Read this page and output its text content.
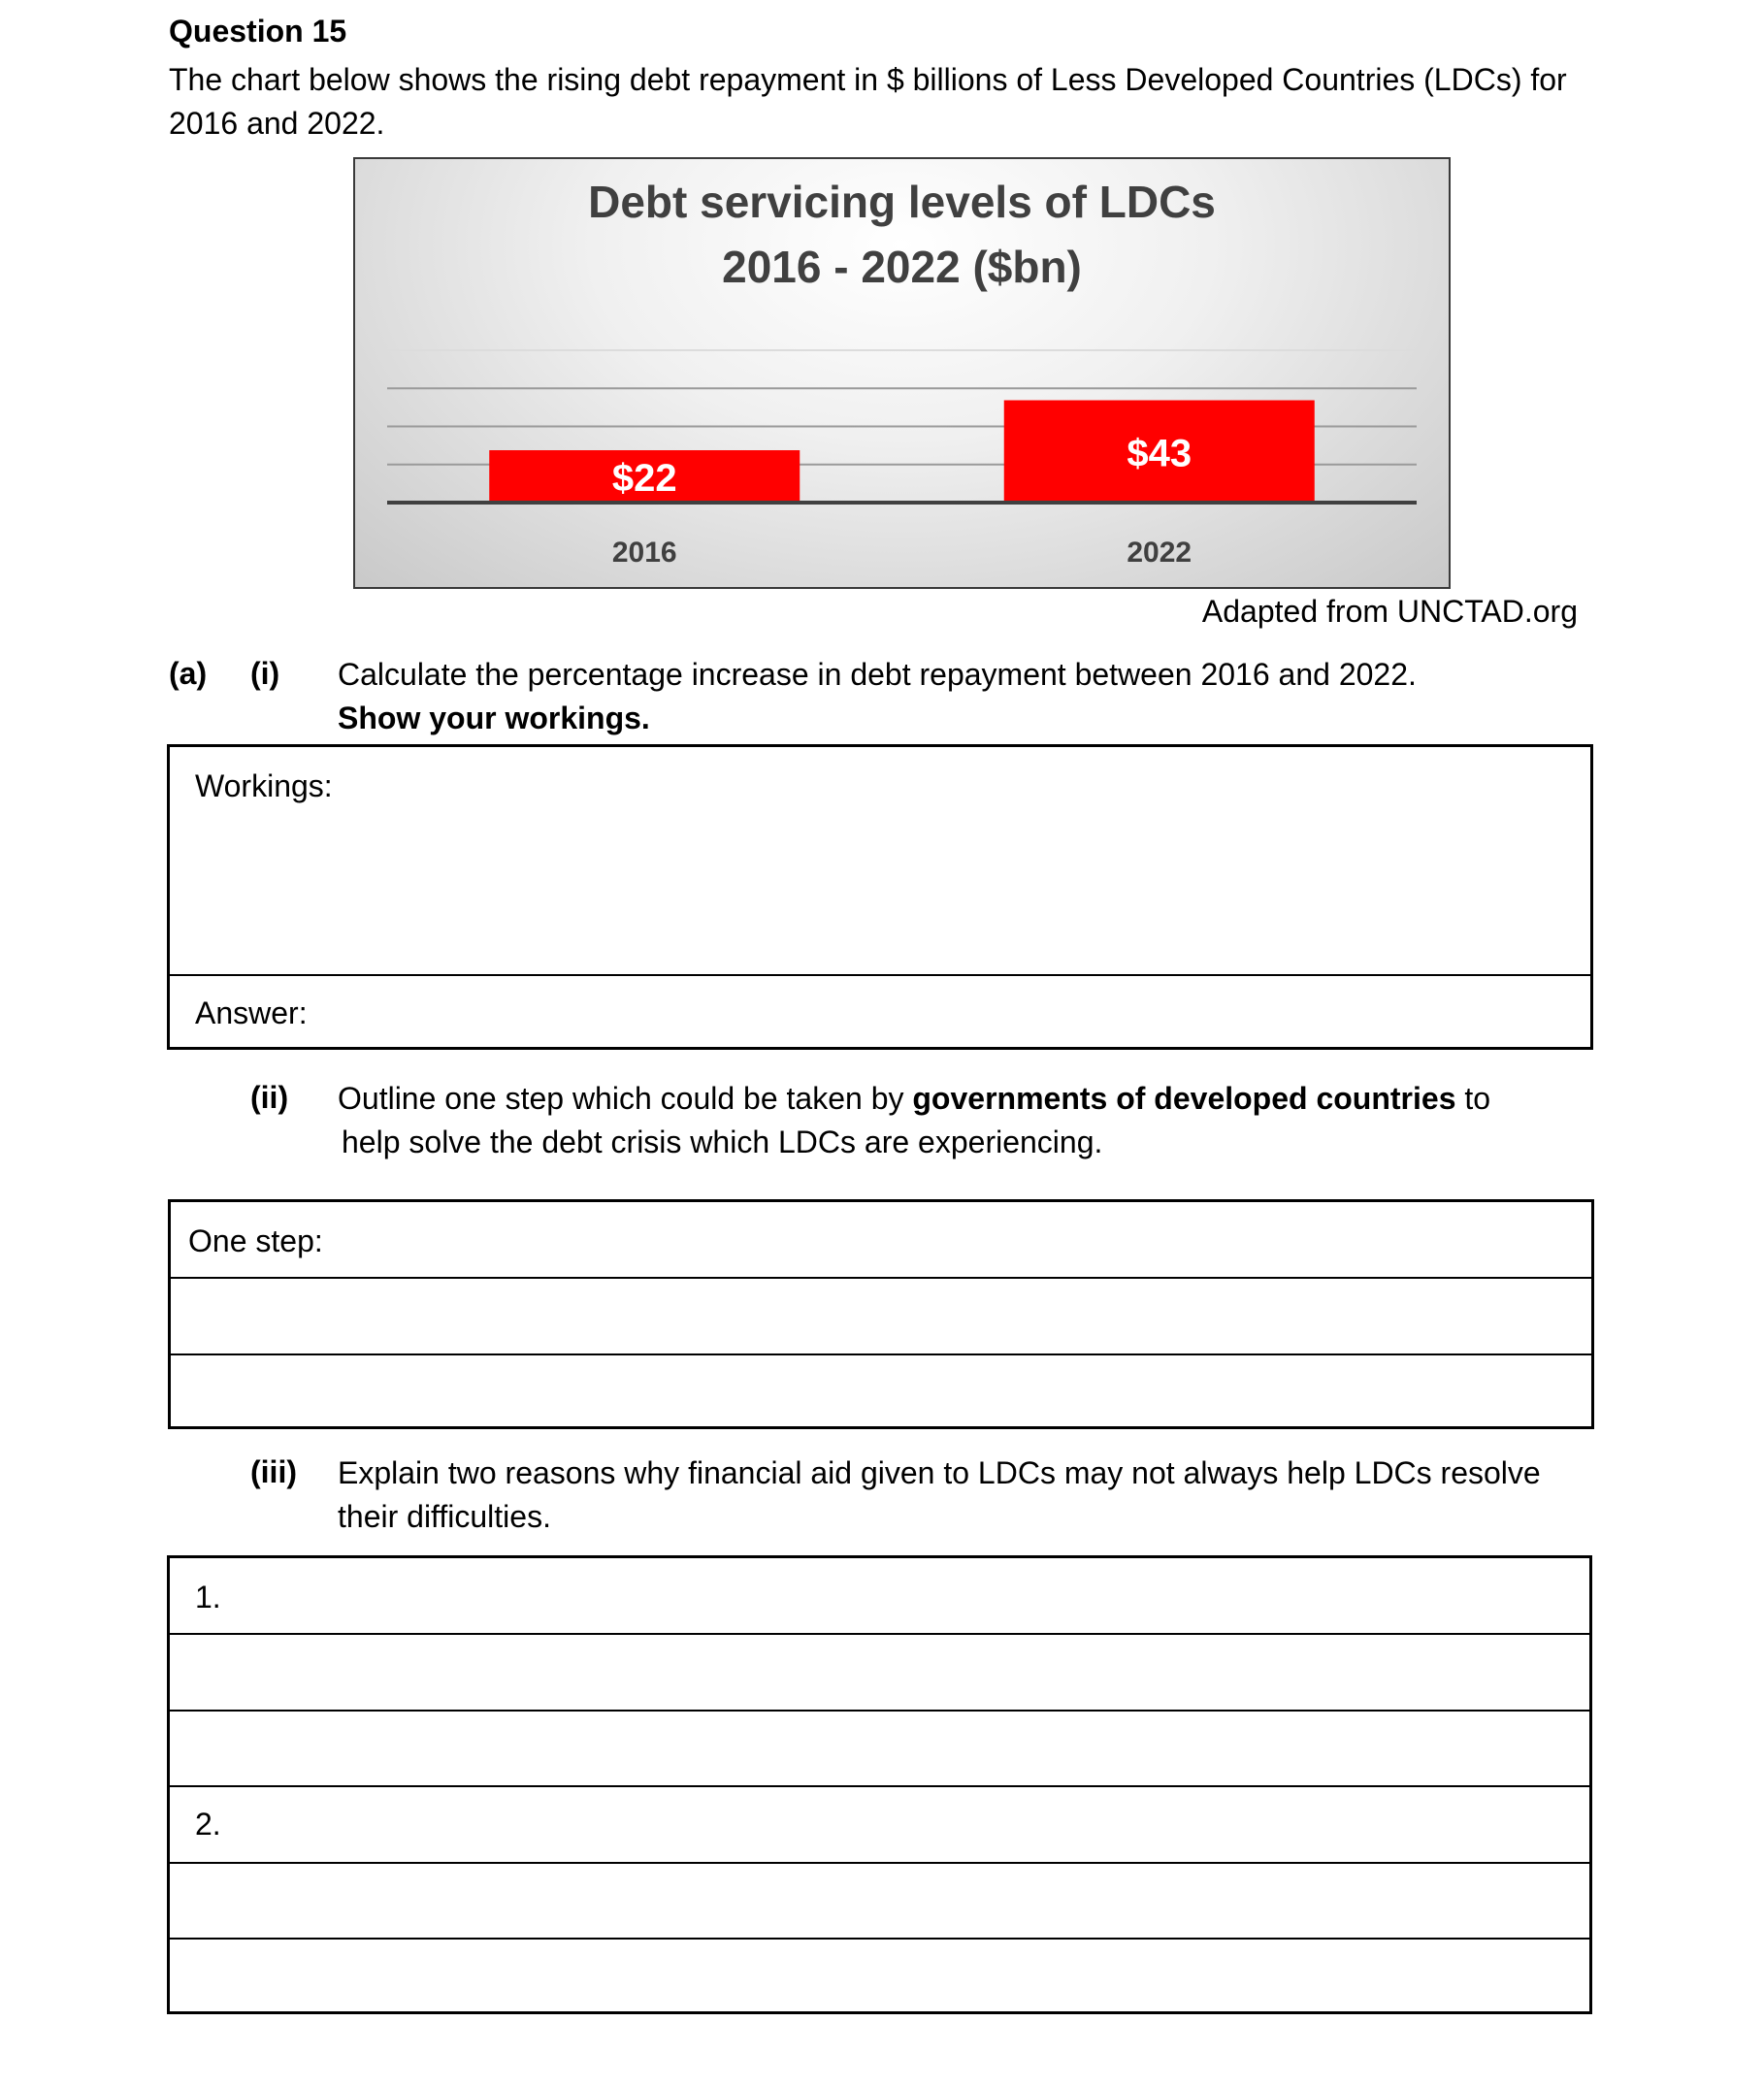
Question 15
The chart below shows the rising debt repayment in $ billions of Less Developed Countries (LDCs) for 2016 and 2022.
Debt servicing levels of LDCs
2016 - 2022 ($bn)
$22
2016
$43
2022
Adapted from UNCTAD.org
(a) (i) Calculate the percentage increase in debt repayment between 2016 and 2022.
Show your workings.
Workings:
Answer:
(ii) Outline one step which could be taken by governments of developed countries to
help solve the debt crisis which LDCs are experiencing.
One step:
(iii) Explain two reasons why financial aid given to LDCs may not always help LDCs resolve their difficulties.
1.
2.
